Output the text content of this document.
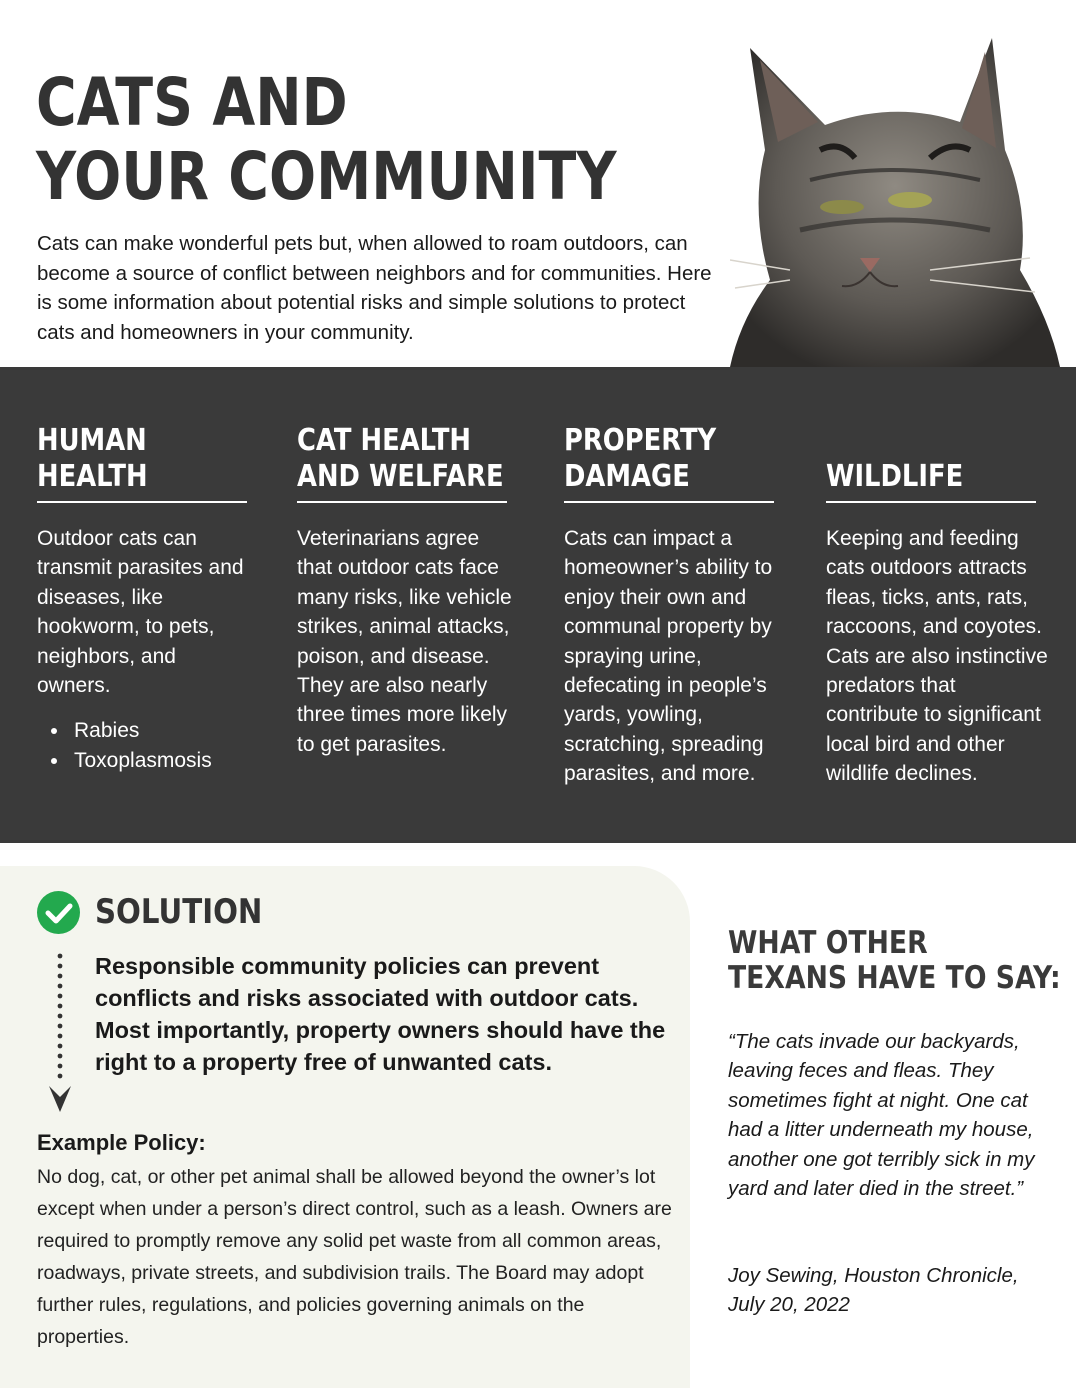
CATS AND
YOUR COMMUNITY

Cats can make wonderful pets but, when allowed to roam outdoors, can become a source of conflict between neighbors and for communities. Here is some information about potential risks and simple solutions to protect cats and homeowners in your community.

HUMAN
HEALTH

Outdoor cats can transmit parasites and diseases, like hookworm, to pets, neighbors, and owners.

Rabies
Toxoplasmosis
CAT HEALTH
AND WELFARE

Veterinarians agree that outdoor cats face many risks, like vehicle strikes, animal attacks, poison, and disease. They are also nearly three times more likely to get parasites.

PROPERTY
DAMAGE

Cats can impact a homeowner’s ability to enjoy their own and communal property by spraying urine, defecating in people’s yards, yowling, scratching, spreading parasites, and more.

WILDLIFE

Keeping and feeding cats outdoors attracts fleas, ticks, ants, rats, raccoons, and coyotes. Cats are also instinctive predators that contribute to significant local bird and other wildlife declines.

SOLUTION

Responsible community policies can prevent conflicts and risks associated with outdoor cats. Most importantly, property owners should have the right to a property free of unwanted cats.

Example Policy:

No dog, cat, or other pet animal shall be allowed beyond the owner’s lot except when under a person’s direct control, such as a leash. Owners are required to promptly remove any solid pet waste from all common areas, roadways, private streets, and subdivision trails. The Board may adopt further rules, regulations, and policies governing animals on the properties.

WHAT OTHER
TEXANS HAVE TO SAY:

“The cats invade our backyards, leaving feces and fleas. They sometimes fight at night. One cat had a litter underneath my house, another one got terribly sick in my yard and later died in the street.”

Joy Sewing, Houston Chronicle, July 20, 2022
